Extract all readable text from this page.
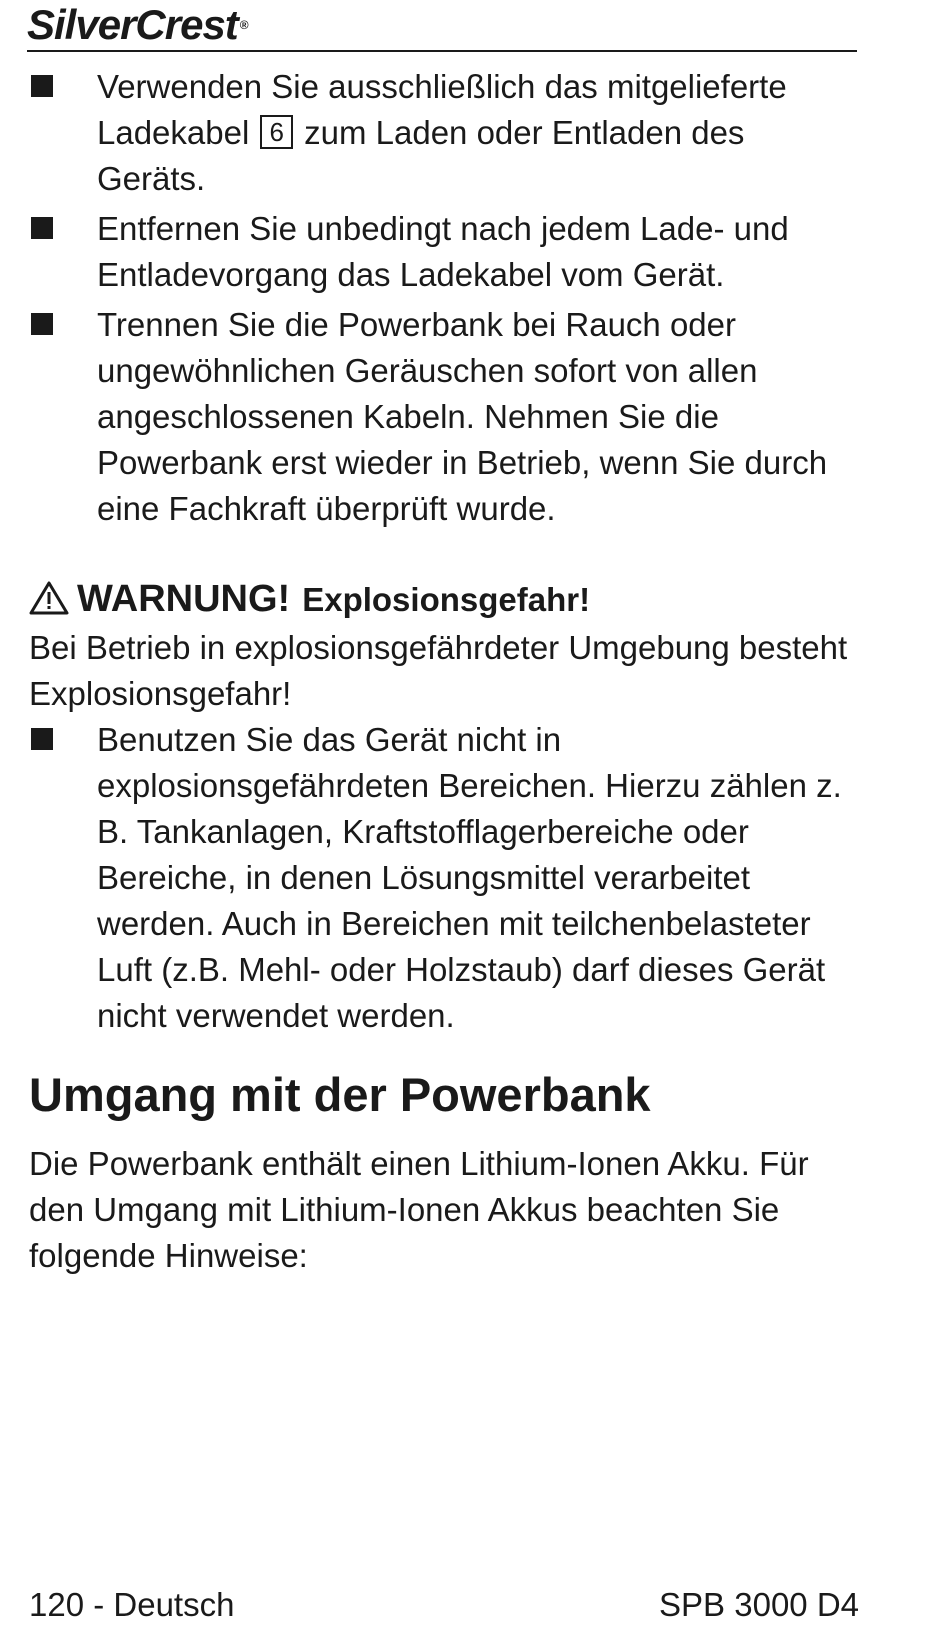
SilverCrest ®
Verwenden Sie ausschließlich das mitgelieferte Ladekabel 6 zum Laden oder Entladen des Geräts.
Entfernen Sie unbedingt nach jedem Lade- und Entladevorgang das Ladekabel vom Gerät.
Trennen Sie die Powerbank bei Rauch oder ungewöhnlichen Geräuschen sofort von allen angeschlossenen Kabeln. Nehmen Sie die Powerbank erst wieder in Betrieb, wenn Sie durch eine Fachkraft überprüft wurde.
WARNUNG! Explosionsgefahr!

Bei Betrieb in explosionsgefährdeter Umgebung besteht Explosionsgefahr!

Benutzen Sie das Gerät nicht in explosionsgefährdeten Bereichen. Hierzu zählen z. B. Tankanlagen, Kraftstofflagerbereiche oder Bereiche, in denen Lösungsmittel verarbeitet werden. Auch in Bereichen mit teilchenbelasteter Luft (z.B. Mehl- oder Holzstaub) darf dieses Gerät nicht verwendet werden.
Umgang mit der Powerbank

Die Powerbank enthält einen Lithium-Ionen Akku. Für den Umgang mit Lithium-Ionen Akkus beachten Sie folgende Hinweise:

120 - Deutsch	SPB 3000 D4
